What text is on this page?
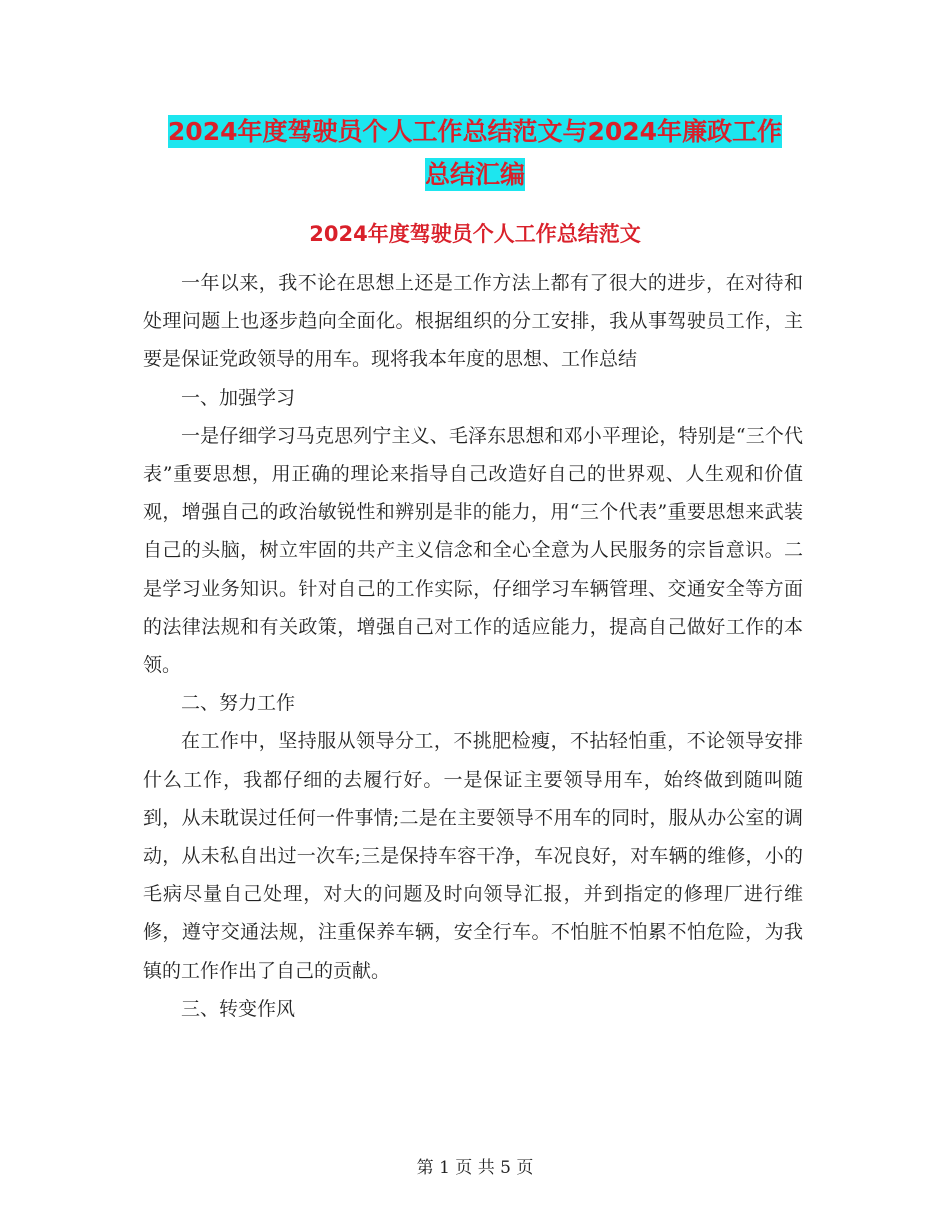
2024年度驾驶员个人工作总结范文与2024年廉政工作
总结汇编
2024年度驾驶员个人工作总结范文

一年以来，我不论在思想上还是工作方法上都有了很大的进步，在对待和处理问题上也逐步趋向全面化。根据组织的分工安排，我从事驾驶员工作，主要是保证党政领导的用车。现将我本年度的思想、工作总结

一、加强学习

一是仔细学习马克思列宁主义、毛泽东思想和邓小平理论，特别是“三个代表”重要思想，用正确的理论来指导自己改造好自己的世界观、人生观和价值观，增强自己的政治敏锐性和辨别是非的能力，用“三个代表”重要思想来武装自己的头脑，树立牢固的共产主义信念和全心全意为人民服务的宗旨意识。二是学习业务知识。针对自己的工作实际，仔细学习车辆管理、交通安全等方面的法律法规和有关政策，增强自己对工作的适应能力，提高自己做好工作的本领。

二、努力工作

在工作中，坚持服从领导分工，不挑肥检瘦，不拈轻怕重，不论领导安排什么工作，我都仔细的去履行好。一是保证主要领导用车，始终做到随叫随到，从未耽误过任何一件事情;二是在主要领导不用车的同时，服从办公室的调动，从未私自出过一次车;三是保持车容干净，车况良好，对车辆的维修，小的毛病尽量自己处理，对大的问题及时向领导汇报，并到指定的修理厂进行维修，遵守交通法规，注重保养车辆，安全行车。不怕脏不怕累不怕危险，为我镇的工作作出了自己的贡献。

三、转变作风

第 1 页 共 5 页
